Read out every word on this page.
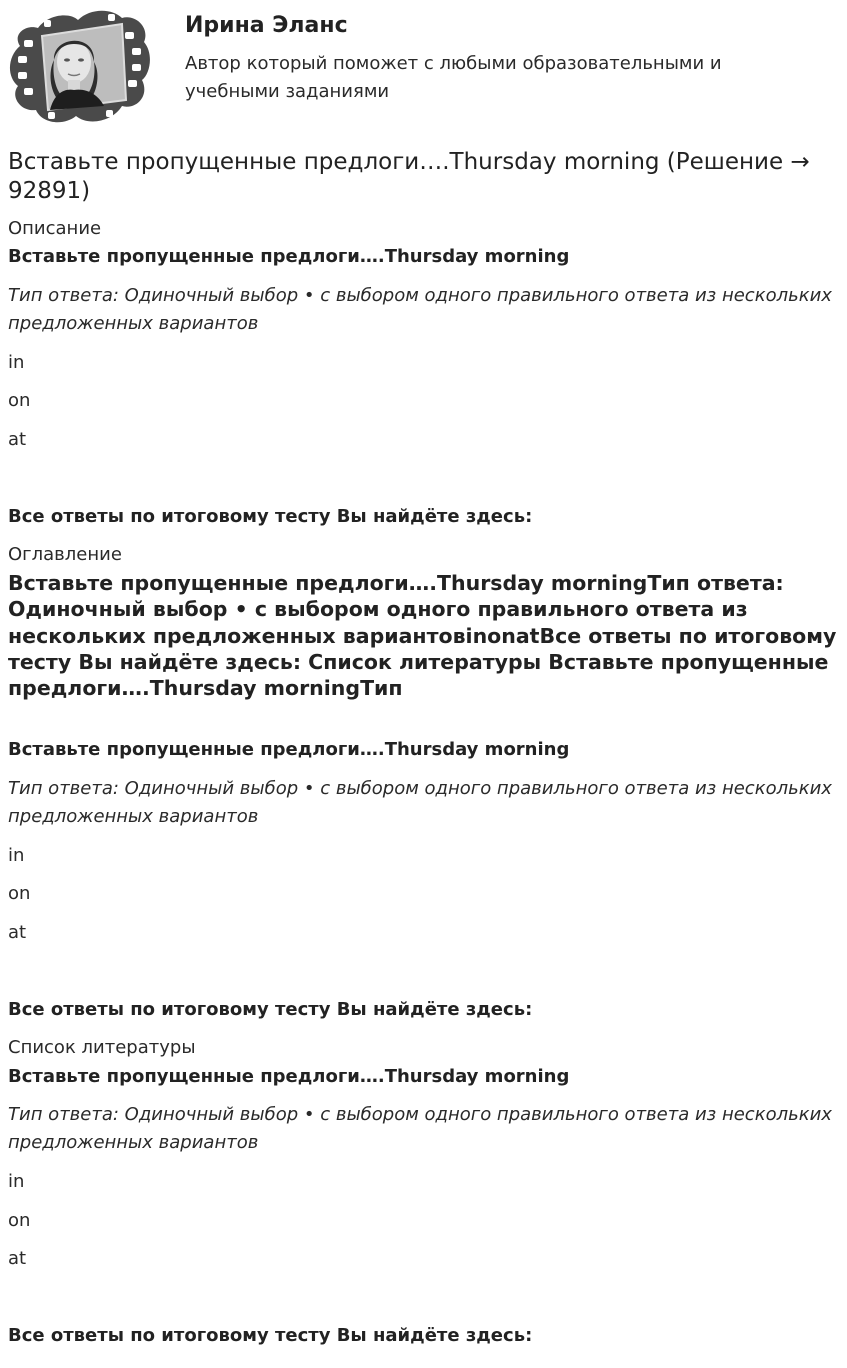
Ирина Эланс
Автор который поможет с любыми образовательными и учебными заданиями
Вставьте пропущенные предлоги….Thursday morning (Решение → 92891)
Описание
Вставьте пропущенные предлоги….Thursday morning
Тип ответа: Одиночный выбор • с выбором одного правильного ответа из нескольких предложенных вариантов
in
on
at
Все ответы по итоговому тесту Вы найдёте здесь:
Оглавление
Вставьте пропущенные предлоги….Thursday morningТип ответа: Одиночный выбор • с выбором одного правильного ответа из нескольких предложенных вариантовinonatВсе ответы по итоговому тесту Вы найдёте здесь: Список литературы Вставьте пропущенные предлоги….Thursday morningТип
Вставьте пропущенные предлоги….Thursday morning
Тип ответа: Одиночный выбор • с выбором одного правильного ответа из нескольких предложенных вариантов
in
on
at
Все ответы по итоговому тесту Вы найдёте здесь:
Список литературы
Вставьте пропущенные предлоги….Thursday morning
Тип ответа: Одиночный выбор • с выбором одного правильного ответа из нескольких предложенных вариантов
in
on
at
Все ответы по итоговому тесту Вы найдёте здесь:
